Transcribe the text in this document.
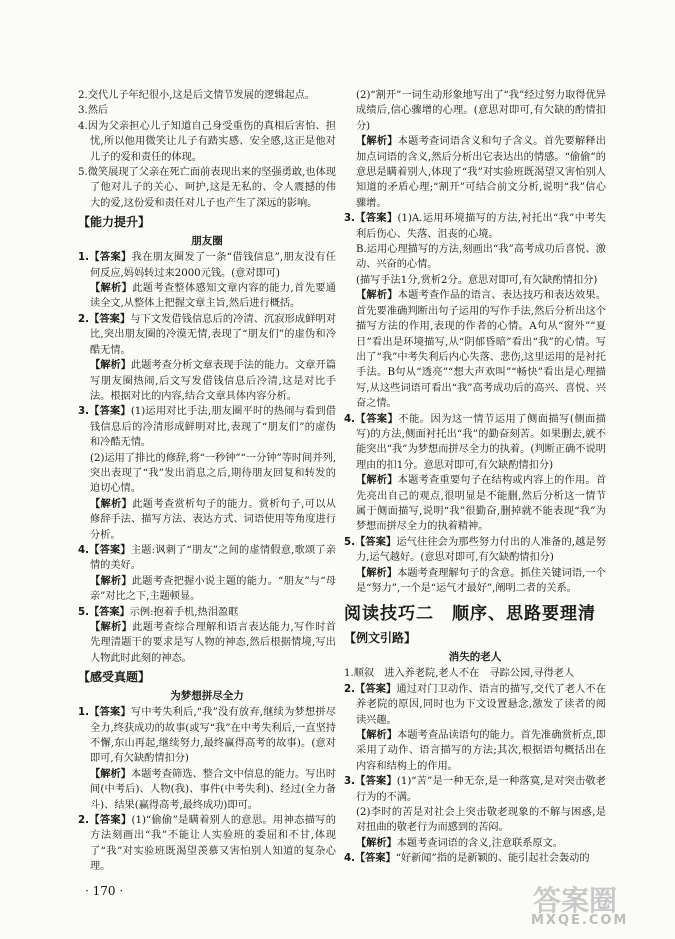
2.交代儿子年纪很小,这是后文情节发展的逻辑起点。
3.然后
4.因为父亲担心儿子知道自己身受重伤的真相后害怕、担忧,所以他用微笑让儿子有踏实感、安全感,这正是他对儿子的爱和责任的体现。
5.微笑展现了父亲在死亡面前表现出来的坚强勇敢,也体现了他对儿子的关心、呵护,这是无私的、令人震撼的伟大的爱,这份爱和责任对儿子也产生了深远的影响。
【能力提升】
朋友圈
1.【答案】我在朋友圈发了一条“借钱信息”,朋友没有任何反应,妈妈转过来2000元钱。(意对即可)
【解析】此题考查整体感知文章内容的能力,首先要通读全文,从整体上把握文章主旨,然后进行概括。
2.【答案】与下文发借钱信息后的冷清、沉寂形成鲜明对比,突出朋友圈的冷漠无情,表现了“朋友们”的虚伪和冷酷无情。
【解析】此题考查分析文章表现手法的能力。文章开篇写朋友圈热闹,后文写发借钱信息后冷清,这是对比手法。根据对比的内容,结合文章具体内容分析。
3.【答案】(1)运用对比手法,朋友圈平时的热闹与看到借钱信息后的冷清形成鲜明对比,表现了“朋友们”的虚伪和冷酷无情。
(2)运用了排比的修辞,将“一秒钟”“一分钟”等时间并列,突出表现了“我”发出消息之后,期待朋友回复和转发的迫切心情。
【解析】此题考查赏析句子的能力。赏析句子,可以从修辞手法、描写方法、表达方式、词语使用等角度进行分析。
4.【答案】主题:讽刺了“朋友”之间的虚情假意,歌颂了亲情的美好。
【解析】此题考查把握小说主题的能力。“朋友”与“母亲”对比之下,主题顿显。
5.【答案】示例:抱着手机,热泪盈眶
【解析】此题考查综合理解和语言表达能力,写作时首先理清题干的要求是写人物的神态,然后根据情境,写出人物此时此刻的神态。
【感受真题】
为梦想拼尽全力
1.【答案】写中考失利后,“我”没有放弃,继续为梦想拼尽全力,终获成功的故事(或写“我”在中考失利后,一直坚持不懈,东山再起,继续努力,最终赢得高考的故事)。(意对即可,有欠缺酌情扣分)
【解析】本题考查筛选、整合文中信息的能力。写出时间(中考后)、人物(我)、事件(中考失利)、经过(全力备斗)、结果(赢得高考,最终成功)即可。
2.【答案】(1)“偷偷”是瞒着别人的意思。用神态描写的方法刻画出“我”不能让人实验班的委屈和不甘,体现了“我”对实验班既渴望羡慕又害怕别人知道的复杂心理。
(2)“割开”一词生动形象地写出了“我”经过努力取得优异成绩后,信心骤增的心理。(意思对即可,有欠缺的酌情扣分)
【解析】本题考查词语含义和句子含义。首先要解释出加点词语的含义,然后分析出它表达出的情感。“偷偷”的意思是瞒着别人,体现了“我”对实验班既渴望又害怕别人知道的矛盾心理;“割开”可结合前文分析,说明“我”信心骤增。
3.【答案】(1)A.运用环境描写的方法,衬托出“我”中考失利后伤心、失落、沮丧的心境。
B.运用心理描写的方法,刻画出“我”高考成功后喜悦、激动、兴奋的心情。
(描写手法1分,赏析2分。意思对即可,有欠缺酌情扣分)
【解析】本题考查作品的语言、表达技巧和表达效果。首先要准确判断出句子运用的写作手法,然后分析出这个描写方法的作用,表现的作者的心情。A句从“窗外”“夏日”看出是环境描写,从“阴郁昏暗”看出“我”的心情。写出了“我”中考失利后内心失落、悲伤,这里运用的是衬托手法。B句从“透亮”“想大声欢叫”“畅快”看出是心理描写,从这些词语可看出“我”高考成功后的高兴、喜悦、兴奋之情。
4.【答案】不能。因为这一情节运用了侧面描写(侧面描写)的方法,侧面衬托出“我”的勤奋刻苦。如果删去,就不能突出“我”为梦想而拼尽全力的执着。(判断正确不说明理由的扣1分。意思对即可,有欠缺酌情扣分)
【解析】本题考查重要句子在结构或内容上的作用。首先亮出自己的观点,很明显是不能删,然后分析这一情节属于侧面描写,说明“我”很勤奋,删掉就不能表现“我”为梦想而拼尽全力的执着精神。
5.【答案】运气往往会为那些努力付出的人准备的,越是努力,运气越好。(意思对即可,有欠缺酌情扣分)
【解析】本题考查理解句子的含意。抓住关键词语,一个是“努力”,一个是“运气才最好”,阐明二者的关系。
阅读技巧二　顺序、思路要理清
【例文引路】
消失的老人
1.顺叙　进入养老院,老人不在　寻踪公园,寻得老人
2.【答案】通过对门卫动作、语言的描写,交代了老人不在养老院的原因,同时也为下文设置悬念,激发了读者的阅读兴趣。
【解析】本题考查品读语句的能力。首先准确赏析点,即采用了动作、语言描写的方法;其次,根据语句概括出在内容和结构上的作用。
3.【答案】(1)“苦”是一种无奈,是一种落寞,是对突击敬老行为的不满。
(2)李时的苦是对社会上突击敬老现象的不解与困惑,是对扭曲的敬老行为而感到的苦闷。
【解析】本题考查词语的含义,注意联系原文。
4.【答案】“好新闻”指的是新颖的、能引起社会轰动的
· 170 ·	答案圈
MXQE.COM
